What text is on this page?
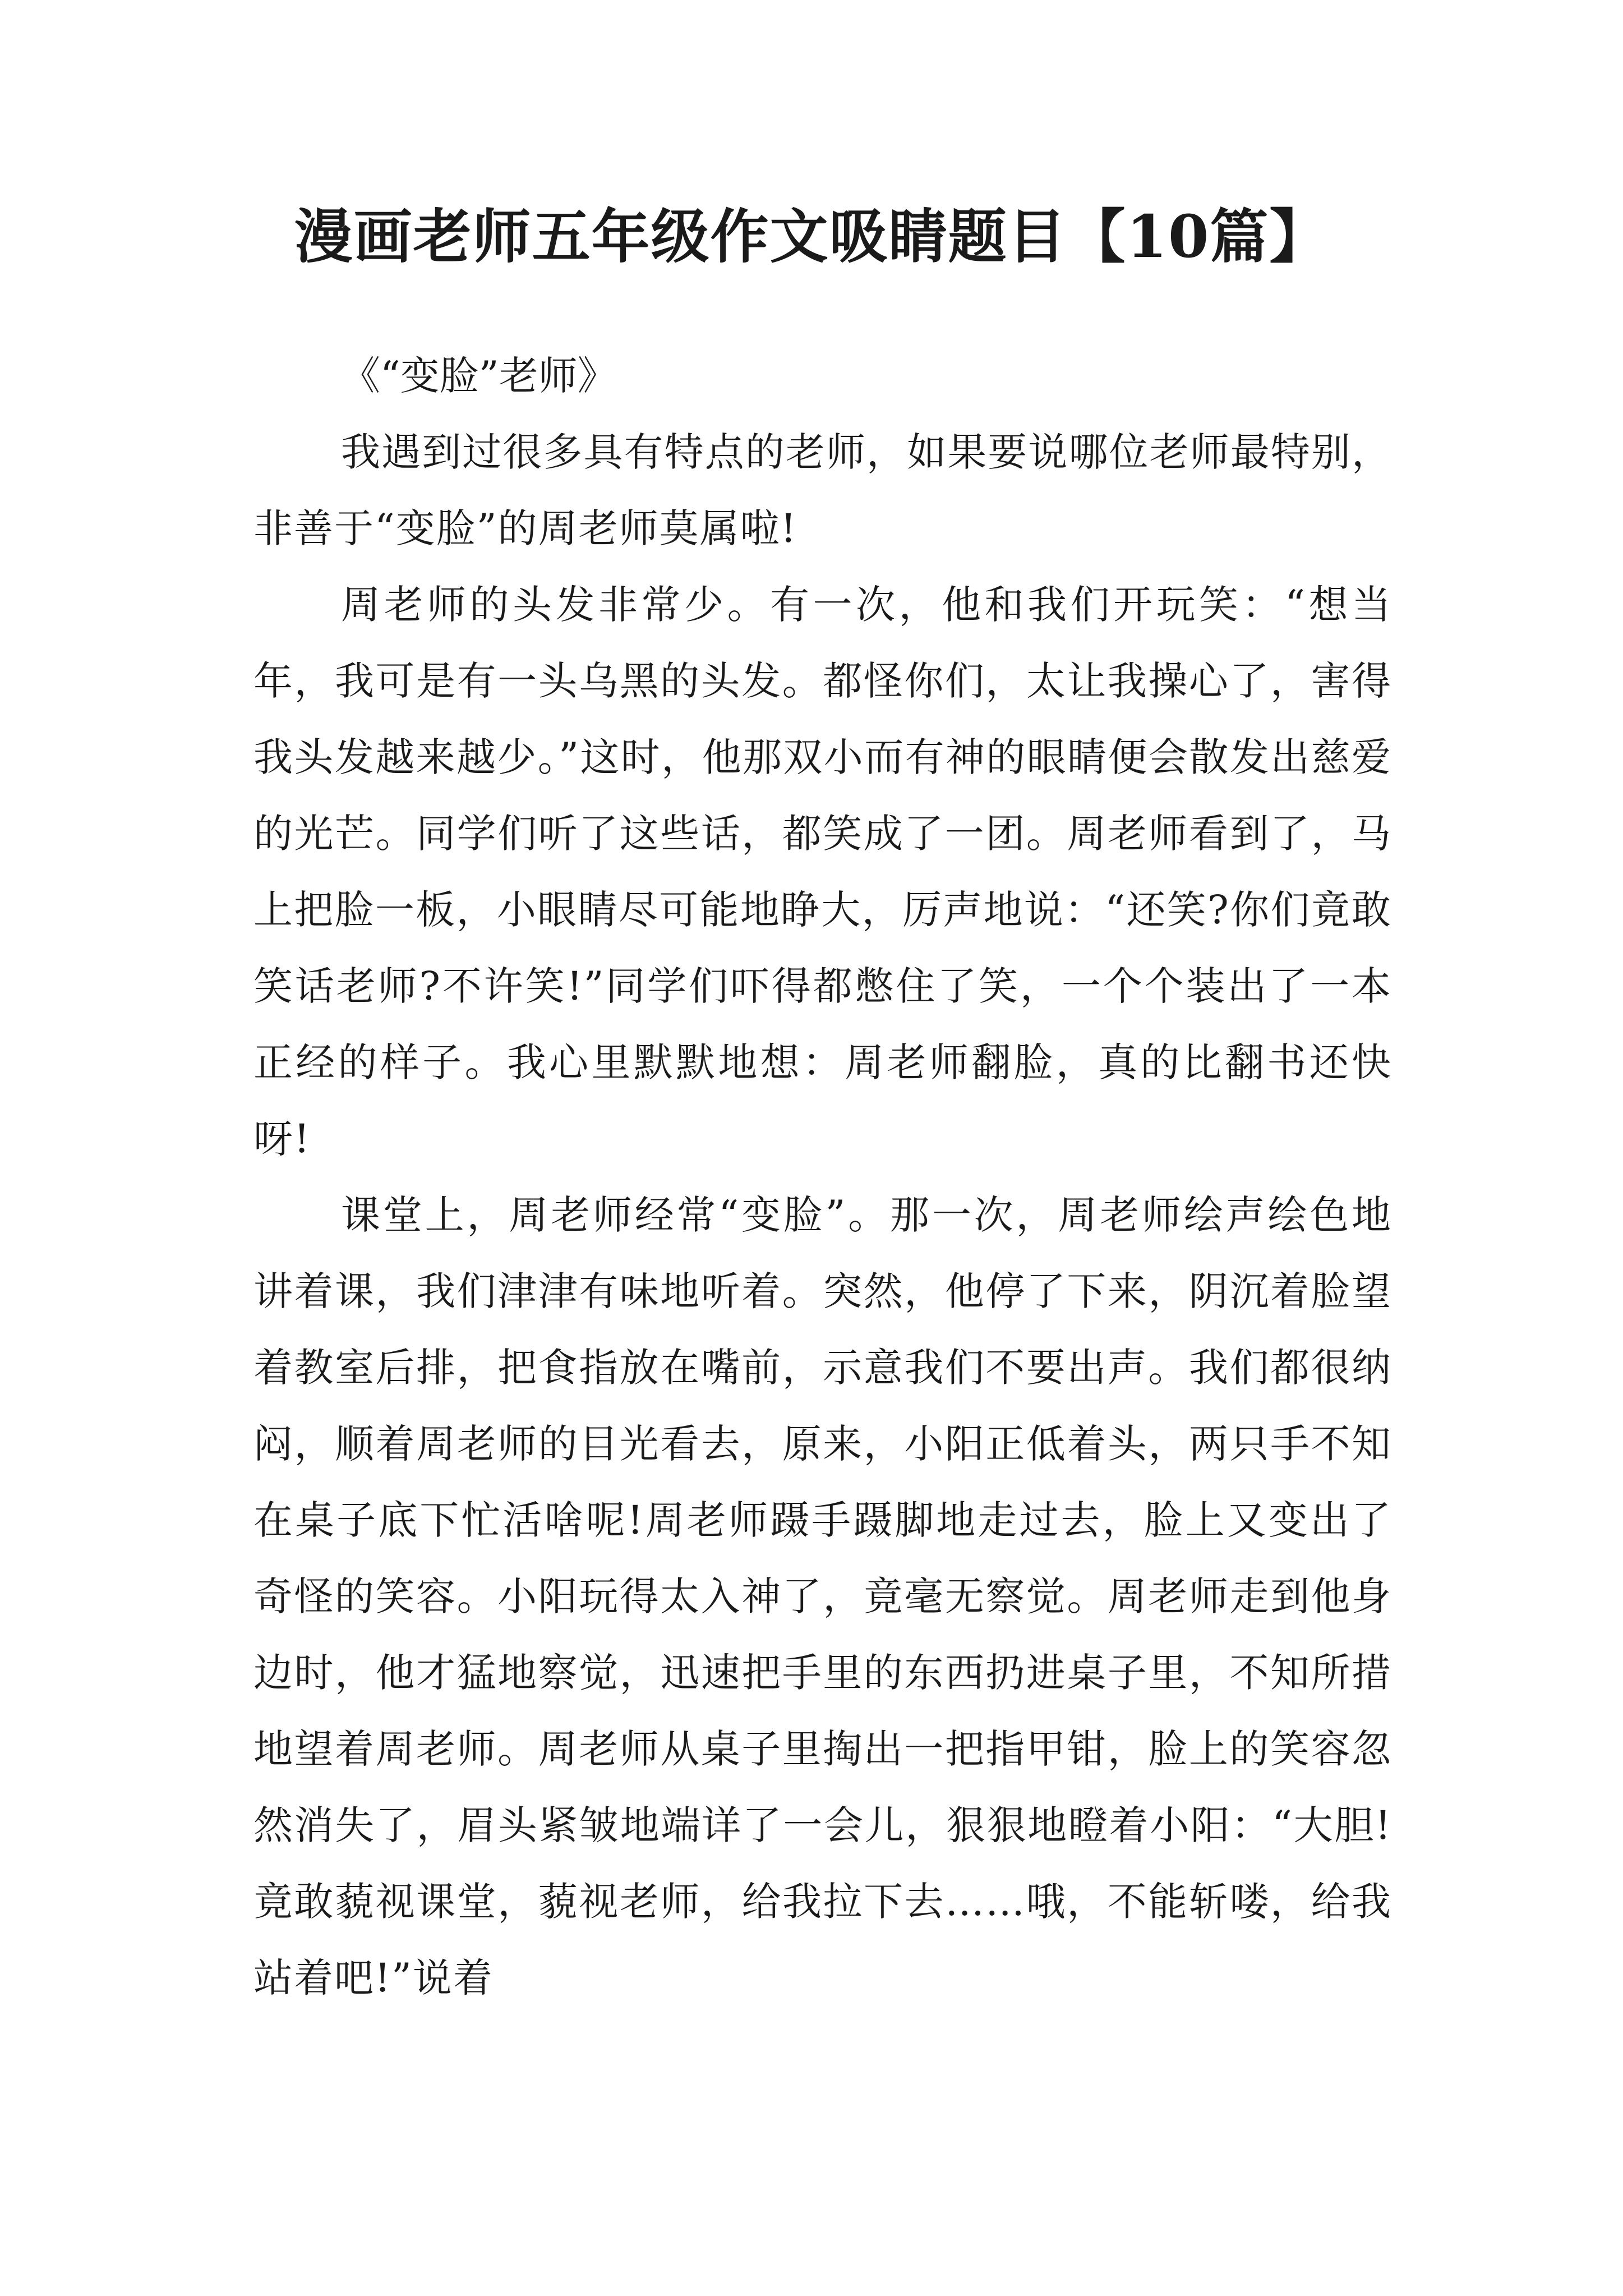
漫画老师五年级作文吸睛题目【10篇】

《“变脸”老师》

我遇到过很多具有特点的老师，如果要说哪位老师最特别，非善于“变脸”的周老师莫属啦!

周老师的头发非常少。有一次，他和我们开玩笑：“想当年，我可是有一头乌黑的头发。都怪你们，太让我操心了，害得我头发越来越少。”这时，他那双小而有神的眼睛便会散发出慈爱的光芒。同学们听了这些话，都笑成了一团。周老师看到了，马上把脸一板，小眼睛尽可能地睁大，厉声地说：“还笑?你们竟敢笑话老师?不许笑!”同学们吓得都憋住了笑，一个个装出了一本正经的样子。我心里默默地想：周老师翻脸，真的比翻书还快呀!

课堂上，周老师经常“变脸”。那一次，周老师绘声绘色地讲着课，我们津津有味地听着。突然，他停了下来，阴沉着脸望着教室后排，把食指放在嘴前，示意我们不要出声。我们都很纳闷，顺着周老师的目光看去，原来，小阳正低着头，两只手不知在桌子底下忙活啥呢!周老师蹑手蹑脚地走过去，脸上又变出了奇怪的笑容。小阳玩得太入神了，竟毫无察觉。周老师走到他身边时，他才猛地察觉，迅速把手里的东西扔进桌子里，不知所措地望着周老师。周老师从桌子里掏出一把指甲钳，脸上的笑容忽然消失了，眉头紧皱地端详了一会儿，狠狠地瞪着小阳：“大胆!竟敢藐视课堂，藐视老师，给我拉下去……哦，不能斩喽，给我站着吧!”说着
